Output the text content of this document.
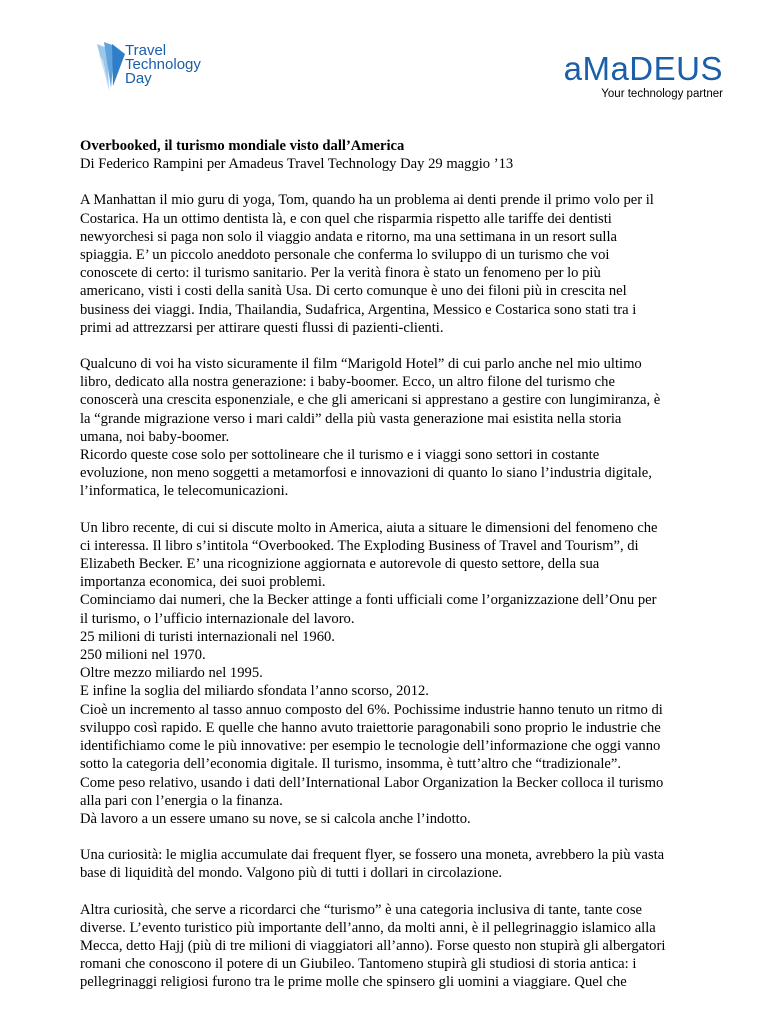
Travel
Technology
Day	aMaDEUS
Your technology partner

Overbooked, il turismo mondiale visto dall’America

Di Federico Rampini per Amadeus Travel Technology Day 29 maggio ’13

A Manhattan il mio guru di yoga, Tom, quando ha un problema ai denti prende il primo volo per il

Costarica. Ha un ottimo dentista là, e con quel che risparmia rispetto alle tariffe dei dentisti

newyorchesi si paga non solo il viaggio andata e ritorno, ma una settimana in un resort sulla

spiaggia. E’ un piccolo aneddoto personale che conferma lo sviluppo di un turismo che voi

conoscete di certo: il turismo sanitario. Per la verità finora è stato un fenomeno per lo più

americano, visti i costi della sanità Usa. Di certo comunque è uno dei filoni più in crescita nel

business dei viaggi. India, Thailandia, Sudafrica, Argentina, Messico e Costarica sono stati tra i

primi ad attrezzarsi per attirare questi flussi di pazienti-clienti.

Qualcuno di voi ha visto sicuramente il film “Marigold Hotel” di cui parlo anche nel mio ultimo

libro, dedicato alla nostra generazione: i baby-boomer. Ecco, un altro filone del turismo che

conoscerà una crescita esponenziale, e che gli americani si apprestano a gestire con lungimiranza, è

la “grande migrazione verso i mari caldi” della più vasta generazione mai esistita nella storia

umana, noi baby-boomer.

Ricordo queste cose solo per sottolineare che il turismo e i viaggi sono settori in costante

evoluzione, non meno soggetti a metamorfosi e innovazioni di quanto lo siano l’industria digitale,

l’informatica, le telecomunicazioni.

Un libro recente, di cui si discute molto in America, aiuta a situare le dimensioni del fenomeno che

ci interessa. Il libro s’intitola “Overbooked. The Exploding Business of Travel and Tourism”, di

Elizabeth Becker. E’ una ricognizione aggiornata e autorevole di questo settore, della sua

importanza economica, dei suoi problemi.

Cominciamo dai numeri, che la Becker attinge a fonti ufficiali come l’organizzazione dell’Onu per

il turismo, o l’ufficio internazionale del lavoro.

25 milioni di turisti internazionali nel 1960.

250 milioni nel 1970.

Oltre mezzo miliardo nel 1995.

E infine la soglia del miliardo sfondata l’anno scorso, 2012.

Cioè un incremento al tasso annuo composto del 6%. Pochissime industrie hanno tenuto un ritmo di

sviluppo così rapido. E quelle che hanno avuto traiettorie paragonabili sono proprio le industrie che

identifichiamo come le più innovative: per esempio le tecnologie dell’informazione che oggi vanno

sotto la categoria dell’economia digitale. Il turismo, insomma, è tutt’altro che “tradizionale”.

Come peso relativo, usando i dati dell’International Labor Organization la Becker colloca il turismo

alla pari con l’energia o la finanza.

Dà lavoro a un essere umano su nove, se si calcola anche l’indotto.

Una curiosità: le miglia accumulate dai frequent flyer, se fossero una moneta, avrebbero la più vasta

base di liquidità del mondo. Valgono più di tutti i dollari in circolazione.

Altra curiosità, che serve a ricordarci che “turismo” è una categoria inclusiva di tante, tante cose

diverse. L’evento turistico più importante dell’anno, da molti anni, è il pellegrinaggio islamico alla

Mecca, detto Hajj (più di tre milioni di viaggiatori all’anno). Forse questo non stupirà gli albergatori

romani che conoscono il potere di un Giubileo. Tantomeno stupirà gli studiosi di storia antica: i

pellegrinaggi religiosi furono tra le prime molle che spinsero gli uomini a viaggiare. Quel che
